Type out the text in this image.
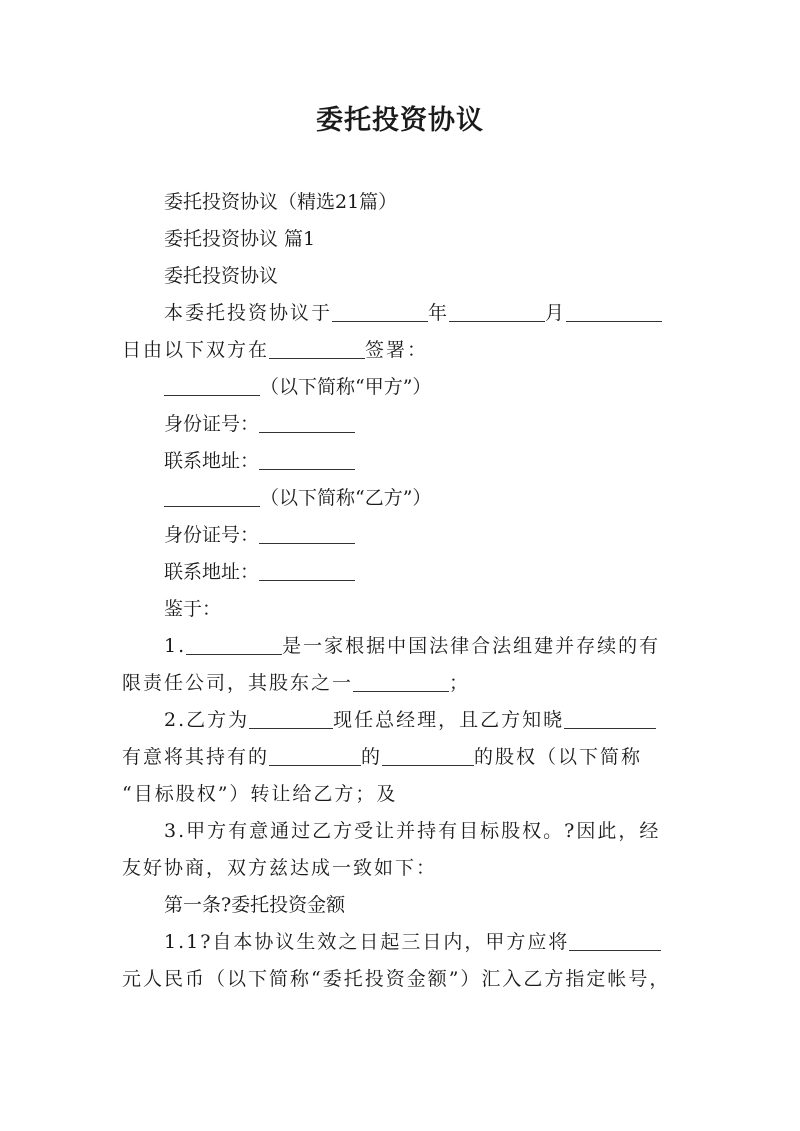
委托投资协议
委托投资协议（精选21篇）
委托投资协议 篇1
委托投资协议
本委托投资协议于	年	月
日由以下双方在	签署：
（以下简称“甲方”）
身份证号：
联系地址：
（以下简称“乙方”）
身份证号：
联系地址：
鉴于：
1.	是一家根据中国法律合法组建并存续的有
限责任公司，其股东之一	；
2.乙方为	现任总经理，且乙方知晓
有意将其持有的	的	的股权（以下简称
“目标股权”）转让给乙方；及
3.甲方有意通过乙方受让并持有目标股权。?因此，经
友好协商，双方兹达成一致如下：
第一条?委托投资金额
1.1?自本协议生效之日起三日内，甲方应将
元人民币（以下简称“委托投资金额”）汇入乙方指定帐号，
